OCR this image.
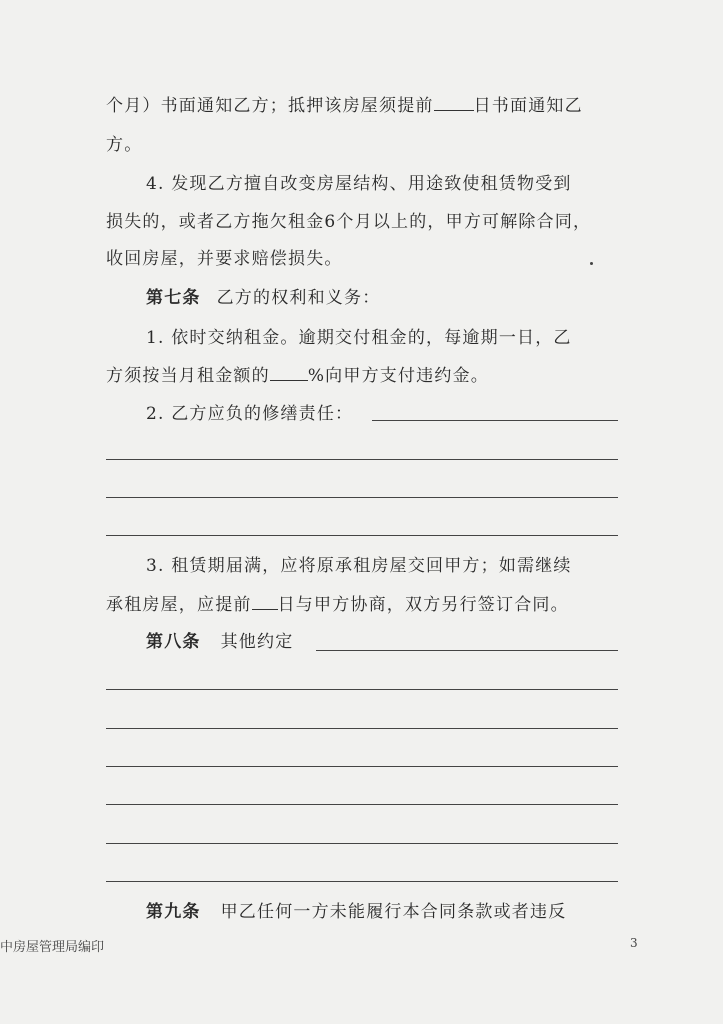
个月）书面通知乙方；抵押该房屋须提前 日书面通知乙
方。
4. 发现乙方擅自改变房屋结构、用途致使租赁物受到
损失的，或者乙方拖欠租金6个月以上的，甲方可解除合同，
收回房屋，并要求赔偿损失。
第七条 乙方的权利和义务：
1. 依时交纳租金。逾期交付租金的，每逾期一日，乙
方须按当月租金额的 %向甲方支付违约金。
2. 乙方应负的修缮责任：
3. 租赁期届满，应将原承租房屋交回甲方；如需继续
承租房屋，应提前 日与甲方协商，双方另行签订合同。
第八条 其他约定
第九条 甲乙任何一方未能履行本合同条款或者违反
中房屋管理局编印	3
